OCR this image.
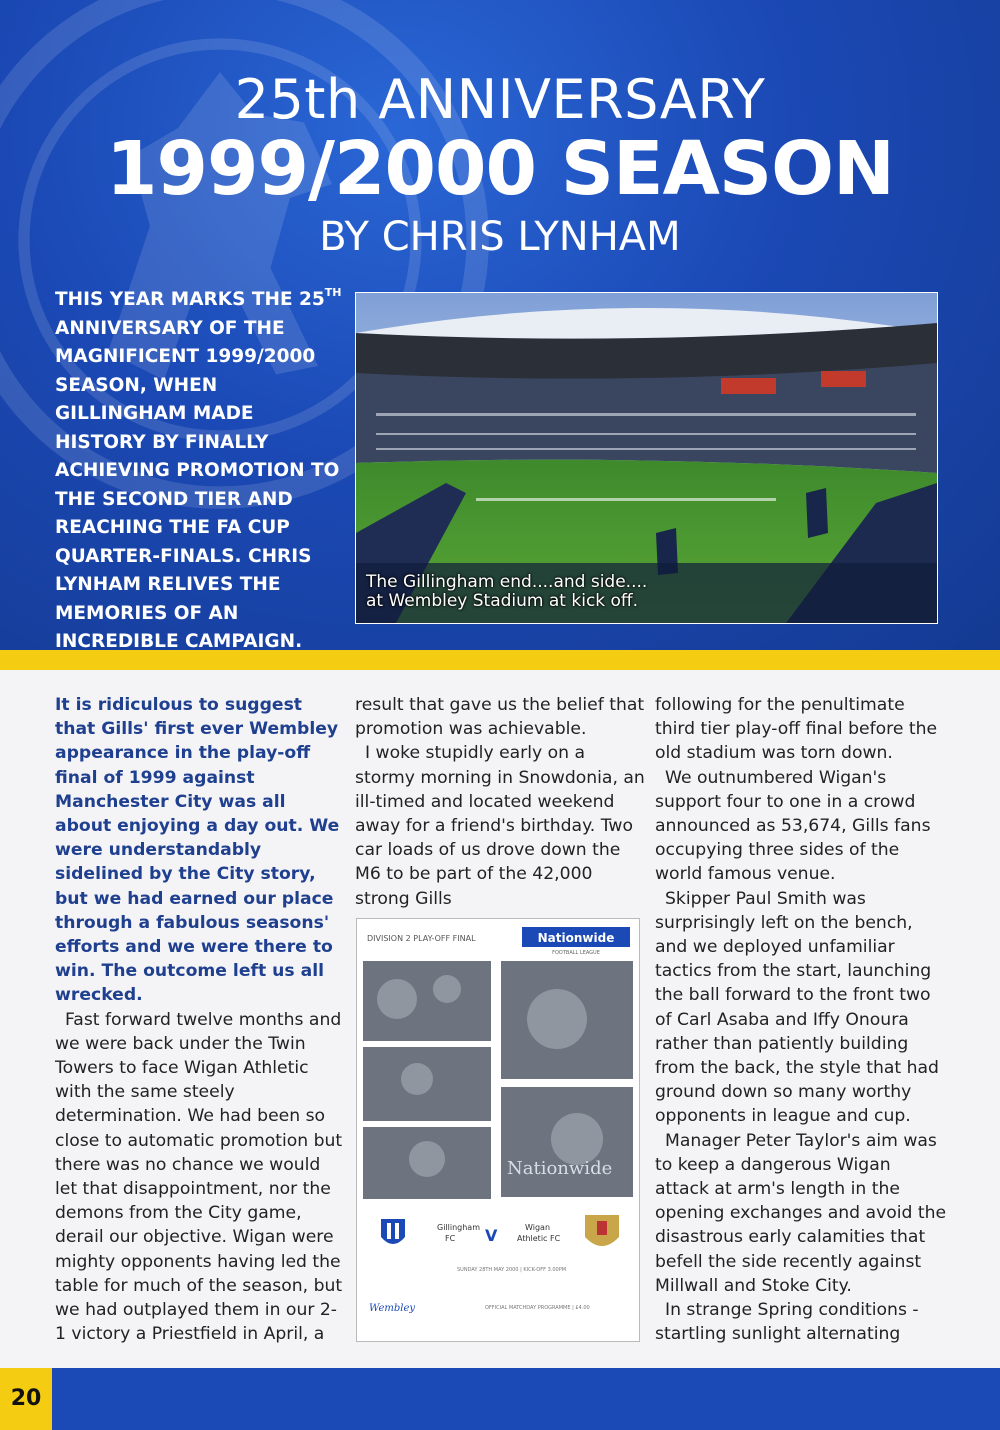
25th ANNIVERSARY
1999/2000 SEASON
BY CHRIS LYNHAM
THIS YEAR MARKS THE 25TH ANNIVERSARY OF THE MAGNIFICENT 1999/2000 SEASON, WHEN GILLINGHAM MADE HISTORY BY FINALLY ACHIEVING PROMOTION TO THE SECOND TIER AND REACHING THE FA CUP QUARTER-FINALS. CHRIS LYNHAM RELIVES THE MEMORIES OF AN INCREDIBLE CAMPAIGN.
The Gillingham end....and side....
at Wembley Stadium at kick off.

It is ridiculous to suggest that Gills' first ever Wembley appearance in the play-off final of 1999 against Manchester City was all about enjoying a day out. We were understandably sidelined by the City story, but we had earned our place through a fabulous seasons' efforts and we were there to win. The outcome left us all wrecked.

Fast forward twelve months and we were back under the Twin Towers to face Wigan Athletic with the same steely determination. We had been so close to automatic promotion but there was no chance we would let that disappointment, nor the demons from the City game, derail our objective. Wigan were mighty opponents having led the table for much of the season, but we had outplayed them in our 2-1 victory a Priestfield in April, a

result that gave us the belief that promotion was achievable.

I woke stupidly early on a stormy morning in Snowdonia, an ill-timed and located weekend away for a friend's birthday. Two car loads of us drove down the M6 to be part of the 42,000 strong Gills

DIVISION 2 PLAY-OFF FINAL	Nationwide
FOOTBALL LEAGUE
Nationwide
Gillingham
FC V	Wigan
Athletic FC
SUNDAY 28TH MAY 2000 | KICK-OFF 3.00PM
Wembley	OFFICIAL MATCHDAY PROGRAMME | £4.00

following for the penultimate third tier play-off final before the old stadium was torn down.

We outnumbered Wigan's support four to one in a crowd announced as 53,674, Gills fans occupying three sides of the world famous venue.

Skipper Paul Smith was surprisingly left on the bench, and we deployed unfamiliar tactics from the start, launching the ball forward to the front two of Carl Asaba and Iffy Onoura rather than patiently building from the back, the style that had ground down so many worthy opponents in league and cup.

Manager Peter Taylor's aim was to keep a dangerous Wigan attack at arm's length in the opening exchanges and avoid the disastrous early calamities that befell the side recently against Millwall and Stoke City.

In strange Spring conditions - startling sunlight alternating

20
